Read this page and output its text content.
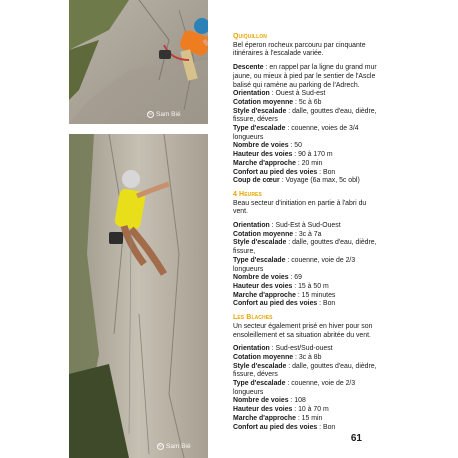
© Sam Bié
© Sam Bié
Quiquillon

Bel éperon rocheux parcouru par cinquante itinéraires à l'escalade variée.

Descente : en rappel par la ligne du grand mur jaune, ou mieux à pied par le sentier de l'Ascle balisé qui ramène au parking de l'Adrech.

Orientation : Ouest à Sud-est

Cotation moyenne : 5c à 6b

Style d'escalade : dalle, gouttes d'eau, dièdre, fissure, dévers

Type d'escalade : couenne, voies de 3/4 longueurs

Nombre de voies : 50

Hauteur des voies : 90 à 170 m

Marche d'approche : 20 min

Confort au pied des voies : Bon

Coup de cœur : Voyage (6a max, 5c obl)

4 Heures

Beau secteur d'initiation en partie à l'abri du vent.

Orientation : Sud-Est à Sud-Ouest

Cotation moyenne : 3c à 7a

Style d'escalade : dalle, gouttes d'eau, dièdre, fissure,

Type d'escalade : couenne, voie de 2/3 longueurs

Nombre de voies : 69

Hauteur des voies : 15 à 50 m

Marche d'approche : 15 minutes

Confort au pied des voies : Bon

Les Blaches

Un secteur également prisé en hiver pour son ensoleillement et sa situation abritée du vent.

Orientation : Sud-est/Sud-ouest

Cotation moyenne : 3c à 8b

Style d'escalade : dalle, gouttes d'eau, dièdre, fissure, dévers

Type d'escalade : couenne, voie de 2/3 longueurs

Nombre de voies : 108

Hauteur des voies : 10 à 70 m

Marche d'approche : 15 min

Confort au pied des voies : Bon

61
